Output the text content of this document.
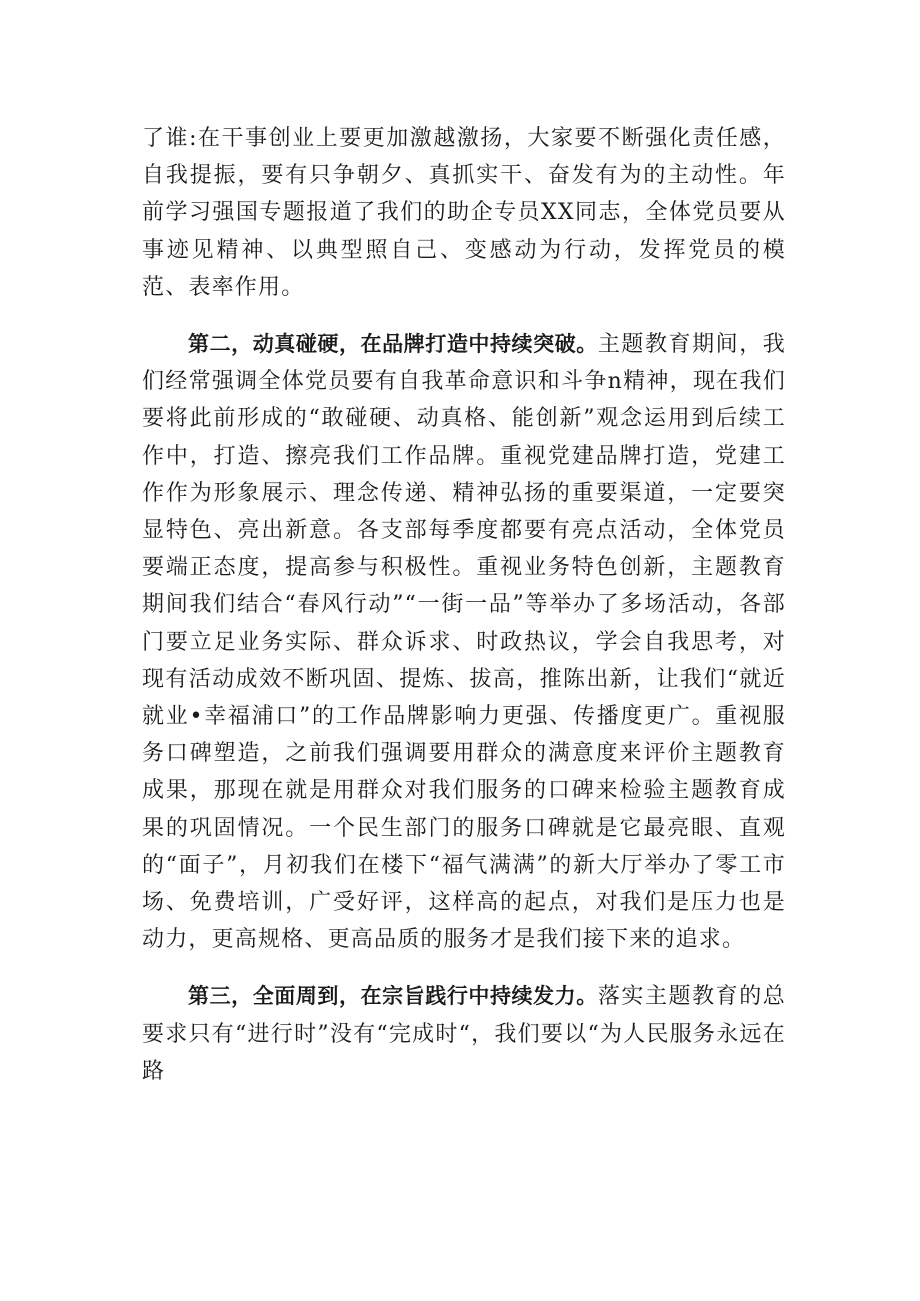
了谁:在干事创业上要更加激越激扬，大家要不断强化责任感，自我提振，要有只争朝夕、真抓实干、奋发有为的主动性。年前学习强国专题报道了我们的助企专员XX同志，全体党员要从事迹见精神、以典型照自己、变感动为行动，发挥党员的模范、表率作用。

第二，动真碰硬，在品牌打造中持续突破。主题教育期间，我们经常强调全体党员要有自我革命意识和斗争n精神，现在我们要将此前形成的“敢碰硬、动真格、能创新”观念运用到后续工作中，打造、擦亮我们工作品牌。重视党建品牌打造，党建工作作为形象展示、理念传递、精神弘扬的重要渠道，一定要突显特色、亮出新意。各支部每季度都要有亮点活动，全体党员要端正态度，提高参与积极性。重视业务特色创新，主题教育期间我们结合“春风行动”“一街一品”等举办了多场活动，各部门要立足业务实际、群众诉求、时政热议，学会自我思考，对现有活动成效不断巩固、提炼、拔高，推陈出新，让我们“就近就业•幸福浦口”的工作品牌影响力更强、传播度更广。重视服务口碑塑造，之前我们强调要用群众的满意度来评价主题教育成果，那现在就是用群众对我们服务的口碑来检验主题教育成果的巩固情况。一个民生部门的服务口碑就是它最亮眼、直观的“面子”，月初我们在楼下“福气满满”的新大厅举办了零工市场、免费培训，广受好评，这样高的起点，对我们是压力也是动力，更高规格、更高品质的服务才是我们接下来的追求。

第三，全面周到，在宗旨践行中持续发力。落实主题教育的总要求只有“进行时”没有“完成时“，我们要以“为人民服务永远在路
